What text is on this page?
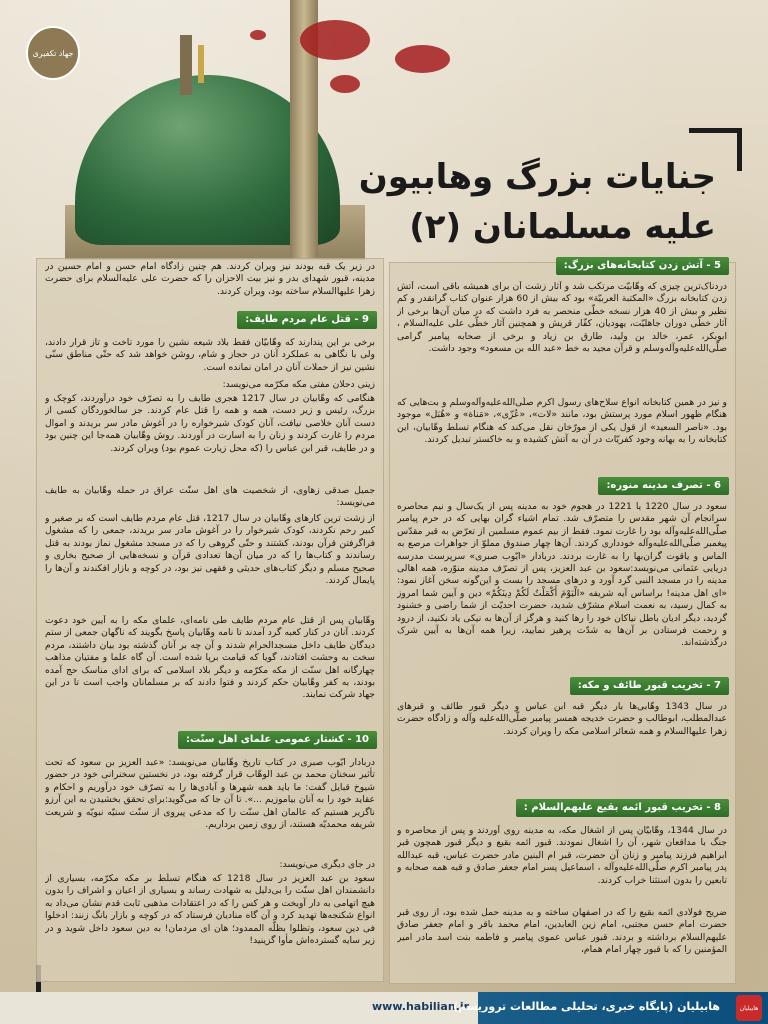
جهاد تکفیری
جنایات بزرگ وهابیون
علیه مسلمانان (۲)
5 - آتش زدن کتابخانه‌های بزرگ:
دردناک‌ترین چیزی که وهّابیّت مرتکب شد و آثار زشت آن برای همیشه باقی است، آتش زدن کتابخانه بزرگ «المکتبة العربیّة» بود که بیش از 60 هزار عنوان کتاب گرانقدر و کم نظیر و بیش از 40 هزار نسخه خطّی منحصر به فرد داشت که در میان آن‌ها برخی از آثار خطّی دوران جاهلیّت، یهودیان، کفّار قریش و همچنین آثار خطّی علی علیه‌السلام ، ابوبکر، عمر، خالد بن ولید، طارق بن زیاد و برخی از صحابه پیامبر گرامی صلّی‌الله‌علیه‌وآله‌وسلم و قرآن مجید به خط «عبد الله بن مسعود» وجود داشت.
و نیز در همین کتابخانه انواع سلاح‌های رسول اکرم صلّی‌الله‌علیه‌وآله‌وسلم و بت‌هایی که هنگام ظهور اسلام مورد پرستش بود، مانند «لات»، «عُزّی»، «مَناة» و «هُبَل» موجود بود. «ناصر السعید» از قول یکی از مورّخان نقل می‌کند که هنگام تسلط وهّابیان، این کتابخانه را به بهانه وجود کفریّات در آن به آتش کشیده و به خاکستر تبدیل کردند.
6 - تصرف مدینه منوره:
سعود در سال 1220 یا 1221 در هجوم خود به مدینه پس از یک‌سال و نیم محاصره سرانجام آن شهر مقدس را متصرّف شد. تمام اشیاء گران بهایی که در حرم پیامبر صلّی‌الله‌علیه‌وآله بود را غارت نمود. فقط از بیم عموم مسلمین از تعرّض به قبر مقدّس پیغمبر صلّی‌الله‌علیه‌وآله خودداری کردند. آن‌ها چهار صندوق مملوّ از جواهرات مرصع به الماس و یاقوت گران‌بها را به غارت بردند. دربادار «ایّوب صبری» سرپرست مدرسه دریایی عثمانی می‌نویسد:سعود بن عبد العزیز، پس از تصرّف مدینه منوّره، همه اهالی مدینه را در مسجد النبی گرد آورد و درهای مسجد را بست و این‌گونه سخن آغاز نمود: «ای اهل مدینه! براساس آیه شریفه «الْيَوْمَ أَكْمَلْتُ لَكُمْ دِينَكُمْ» دین و آیین شما امروز به کمال رسید، به نعمت اسلام مشرّف شدید، حضرت احدیّت از شما راضی و خشنود گردید، دیگر ادیان باطل نیاکان خود را رها کنید و هرگز از آن‌ها به نیکی یاد نکنید، از درود و رحمت فرستادن بر آن‌ها به شدّت پرهیز نمایید، زیرا همه آن‌ها به آیین شرک درگذشته‌اند.
7 - تخریب قبور طائف و مکه:
در سال 1343 وهّابی‌ها بار دیگر قبه ابن عباس و دیگر قبور طائف و قبرهای عبدالمطلب، ابوطالب و حضرت خدیجه همسر پیامبر صلّی‌الله‌علیه وآله و زادگاه حضرت زهرا علیهاالسلام و همه شعائر اسلامی مکه را ویران کردند.
8 - تخریب قبور ائمه بقیع علیهم‌السلام :
در سال 1344، وهّابیّان پس از اشغال مکه، به مدینه روی آوردند و پس از محاصره و جنگ با مدافعان شهر، آن را اشغال نمودند. قبور ائمه بقیع و دیگر قبور همچون قبر ابراهیم فرزند پیامبر و زنان آن حضرت، قبر ام البنین مادر حضرت عباس، قبه عبدالله پدر پیامبر اکرم صلّی‌الله‌علیه‌وآله ، اسماعیل پسر امام جعفر صادق و قبه همه صحابه و تابعین را بدون استثنا خراب کردند.
ضریح فولادی ائمه بقیع را که در اصفهان ساخته و به مدینه حمل شده بود، از روی قبر حضرت امام حسن مجتبی، امام زین العابدین، امام محمد باقر و امام جعفر صادق علیهم‌السلام برداشته و بردند. قبور عباس عموی پیامبر و فاطمه بنت اسد مادر امیر المؤمنین را که با قبور چهار امام همام،
در زیر یک قبه بودند نیز ویران کردند. هم چنین زادگاه امام حسن و امام حسین در مدینه، قبور شهدای بدر و نیز بیت الاحزان را که حضرت علی علیه‌السلام برای حضرت زهرا علیهاالسلام ساخته بود، ویران کردند.
9 - قتل عام مردم طایف:
برخی بر این پندارند که وهّابیّان فقط بلاد شیعه نشین را مورد تاخت و تاز قرار دادند، ولی با نگاهی به عملکرد آنان در حجاز و شام، روشن خواهد شد که حتّی مناطق سنّی نشین نیز از حملات آنان در امان نمانده است.
زینی دحلان مفتی مکه مکرّمه می‌نویسد:
هنگامی که وهّابیان در سال 1217 هجری طایف را به تصرّف خود درآوردند، کوچک و بزرگ، رئیس و زیر دست، همه و همه را قتل عام کردند. جز سالخوردگان کسی از دست آنان خلاصی نیافت، آنان کودک شیرخواره را در آغوش مادر سر بریدند و اموال مردم را غارت کردند و زنان را به اسارت در آوردند. روش وهّابیان همه‌جا این چنین بود و در طایف، قبر ابن عباس را (که محل زیارت عموم بود) ویران کردند.
جمیل صدقی زهاوی، از شخصیت های اهل سنّت عراق در حمله وهّابیان به طایف می‌نویسد:
از زشت ترین کارهای وهّابیان در سال 1217، قتل عام مردم طایف است که بر صغیر و کبیر رحم نکردند، کودک شیرخوار را در آغوش مادر سر بریدند، جمعی را که مشغول فراگرفتن قرآن بودند، کشتند و حتّی گروهی را که در مسجد مشغول نماز بودند به قتل رساندند و کتاب‌ها را که در میان آن‌ها تعدادی قرآن و نسخه‌هایی از صحیح بخاری و صحیح مسلم و دیگر کتاب‌های حدیثی و فقهی نیز بود، در کوچه و بازار افکندند و آن‌ها را پایمال کردند.
وهّابیان پس از قتل عام مردم طایف طی نامه‌ای، علمای مکه را به آیین خود دعوت کردند. آنان در کنار کعبه گرد آمدند تا نامه وهّابیان پاسخ بگویند که ناگهان جمعی از ستم دیدگان طایف داخل مسجدالحرام شدند و آن چه بر آنان گذشته بود بیان داشتند، مردم سخت به وحشت افتادند، گویا که قیامت برپا شده است. آن گاه علما و مفتیان مذاهب چهارگانه اهل سنّت از مکه مکرّمه و دیگر بلاد اسلامی که برای ادای مناسک حج آمده بودند، به کفر وهّابیان حکم کردند و فتوا دادند که بر مسلمانان واجب است تا در این جهاد شرکت نمایند.
10 - کشتار عمومی علمای اهل سنّت:
دربادار ایّوب صبری در کتاب تاریخ وهّابیان می‌نویسد: «عبد العزیز بن سعود که تحت تأثیر سخنان محمد بن عبد الوهّاب قرار گرفته بود، در نخستین سخنرانی خود در حضور شیوخ قبایل گفت: ما باید همه شهرها و آبادی‌ها را به تصرّف خود درآوریم و احکام و عقاید خود را به آنان بیاموزیم ...». تا آن جا که می‌گوید:برای تحقق بخشیدن به این آرزو ناگزیر هستیم که عالمان اهل سنّت را که مدعی پیروی از سنّت سنیّه نبویّه و شریعت شریفه محمدیّه هستند، از روی زمین برداریم.
در جای دیگری می‌نویسد:
سعود بن عبد العزیز در سال 1218 که هنگام تسلّط بر مکه مکرّمه، بسیاری از دانشمندان اهل سنّت را بی‌دلیل به شهادت رساند و بسیاری از اعیان و اشراف را بدون هیچ اتهامی به دار آویخت و هر کس را که در اعتقادات مذهبی ثابت قدم نشان می‌داد به انواع شکنجه‌ها تهدید کرد و آن گاه منادیان فرستاد که در کوچه و بازار بانگ زنند: ادخلوا فی دین سعود، وتظلوا بظلّه الممدود؛ هان ای مردمان! به دین سعود داخل شوید و در زیر سایه گسترده‌اش مأوا گزینید!
www.habilian.ir	هابیلیان
هابیلیان (پایگاه خبری، تحلیلی مطالعات تروریسم)
